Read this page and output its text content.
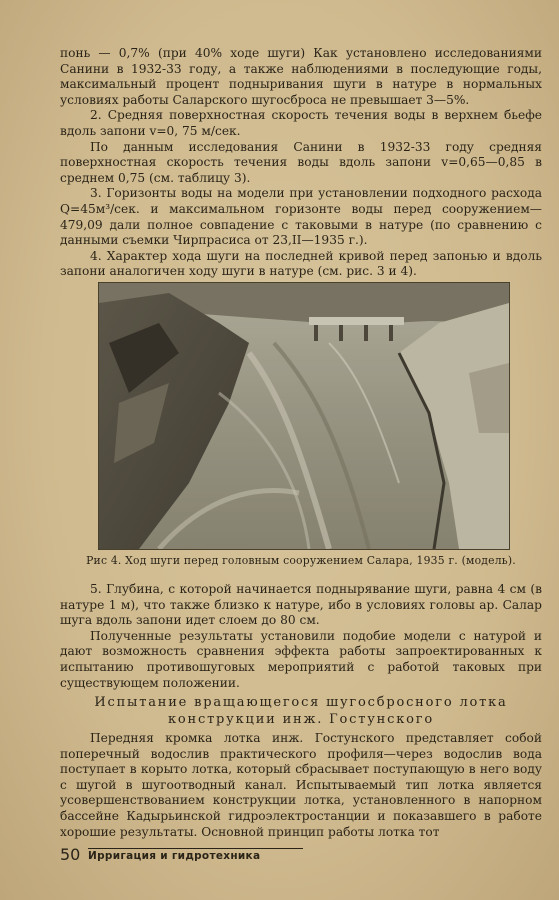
понь — 0,7% (при 40% ходе шуги) Как установлено исследованиями Санини в 1932-33 году, а также наблюдениями в последующие годы, максимальный процент подныривания шуги в натуре в нормальных условиях работы Саларского шугосброса не превышает 3—5%.

2. Средняя поверхностная скорость течения воды в верхнем бьефе вдоль запони v=0, 75 м/сек.

По данным исследования Санини в 1932-33 году средняя поверхностная скорость течения воды вдоль запони v=0,65—0,85 в среднем 0,75 (см. таблицу 3).

3. Горизонты воды на модели при установлении подходного расхода Q=45м³/сек. и максимальном горизонте воды перед сооружением—479,09 дали полное совпадение с таковыми в натуре (по сравнению с данными съемки Чирпрасиса от 23,II—1935 г.).

4. Характер хода шуги на последней кривой перед запонью и вдоль запони аналогичен ходу шуги в натуре (см. рис. 3 и 4).

Рис 4. Ход шуги перед головным сооружением Салара, 1935 г. (модель).

5. Глубина, с которой начинается поднырявание шуги, равна 4 см (в натуре 1 м), что также близко к натуре, ибо в условиях головы ар. Салар шуга вдоль запони идет слоем до 80 см.

Полученные результаты установили подобие модели с натурой и дают возможность сравнения эффекта работы запроектированных к испытанию противошуговых мероприятий с работой таковых при существующем положении.

Испытание вращающегося шугосбросного лотка конструкции инж. Гостунского

Передняя кромка лотка инж. Гостунского представляет собой поперечный водослив практического профиля—через водослив вода поступает в корыто лотка, который сбрасывает поступающую в него воду с шугой в шугоотводный канал. Испытываемый тип лотка является усовершенствованием конструкции лотка, установленного в напорном бассейне Кадырьинской гидроэлектростанции и показавшего в работе хорошие результаты. Основной принцип работы лотка тот

50 Ирригация и гидротехника
